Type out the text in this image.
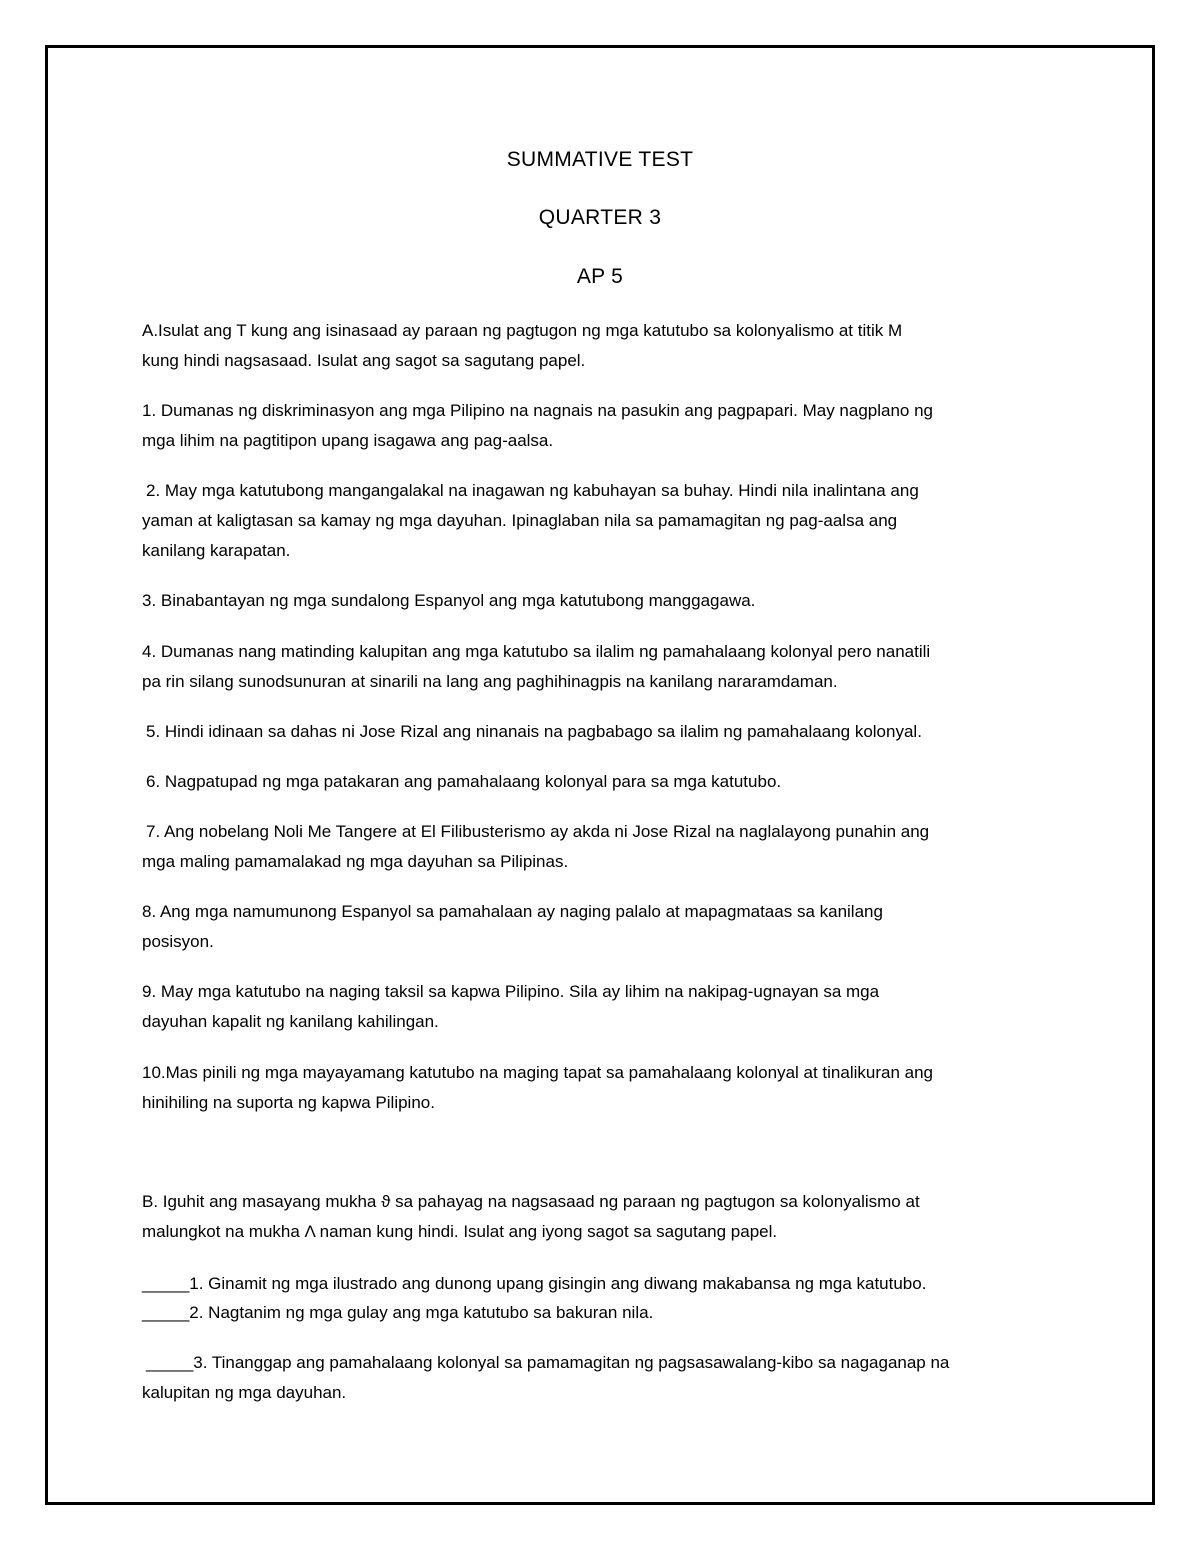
SUMMATIVE TEST
QUARTER 3
AP 5
A.Isulat ang T kung ang isinasaad ay paraan ng pagtugon ng mga katutubo sa kolonyalismo at titik M
kung hindi nagsasaad. Isulat ang sagot sa sagutang papel.
1. Dumanas ng diskriminasyon ang mga Pilipino na nagnais na pasukin ang pagpapari. May nagplano ng
mga lihim na pagtitipon upang isagawa ang pag-aalsa.
2. May mga katutubong mangangalakal na inagawan ng kabuhayan sa buhay. Hindi nila inalintana ang
yaman at kaligtasan sa kamay ng mga dayuhan. Ipinaglaban nila sa pamamagitan ng pag-aalsa ang
kanilang karapatan.
3. Binabantayan ng mga sundalong Espanyol ang mga katutubong manggagawa.
4. Dumanas nang matinding kalupitan ang mga katutubo sa ilalim ng pamahalaang kolonyal pero nanatili
pa rin silang sunodsunuran at sinarili na lang ang paghihinagpis na kanilang nararamdaman.
5. Hindi idinaan sa dahas ni Jose Rizal ang ninanais na pagbabago sa ilalim ng pamahalaang kolonyal.
6. Nagpatupad ng mga patakaran ang pamahalaang kolonyal para sa mga katutubo.
7. Ang nobelang Noli Me Tangere at El Filibusterismo ay akda ni Jose Rizal na naglalayong punahin ang
mga maling pamamalakad ng mga dayuhan sa Pilipinas.
8. Ang mga namumunong Espanyol sa pamahalaan ay naging palalo at mapagmataas sa kanilang
posisyon.
9. May mga katutubo na naging taksil sa kapwa Pilipino. Sila ay lihim na nakipag-ugnayan sa mga
dayuhan kapalit ng kanilang kahilingan.
10.Mas pinili ng mga mayayamang katutubo na maging tapat sa pamahalaang kolonyal at tinalikuran ang
hinihiling na suporta ng kapwa Pilipino.
B. Iguhit ang masayang mukha ϑ sa pahayag na nagsasaad ng paraan ng pagtugon sa kolonyalismo at
malungkot na mukha Λ naman kung hindi. Isulat ang iyong sagot sa sagutang papel.
_____1. Ginamit ng mga ilustrado ang dunong upang gisingin ang diwang makabansa ng mga katutubo.
_____2. Nagtanim ng mga gulay ang mga katutubo sa bakuran nila.
_____3. Tinanggap ang pamahalaang kolonyal sa pamamagitan ng pagsasawalang-kibo sa nagaganap na
kalupitan ng mga dayuhan.
